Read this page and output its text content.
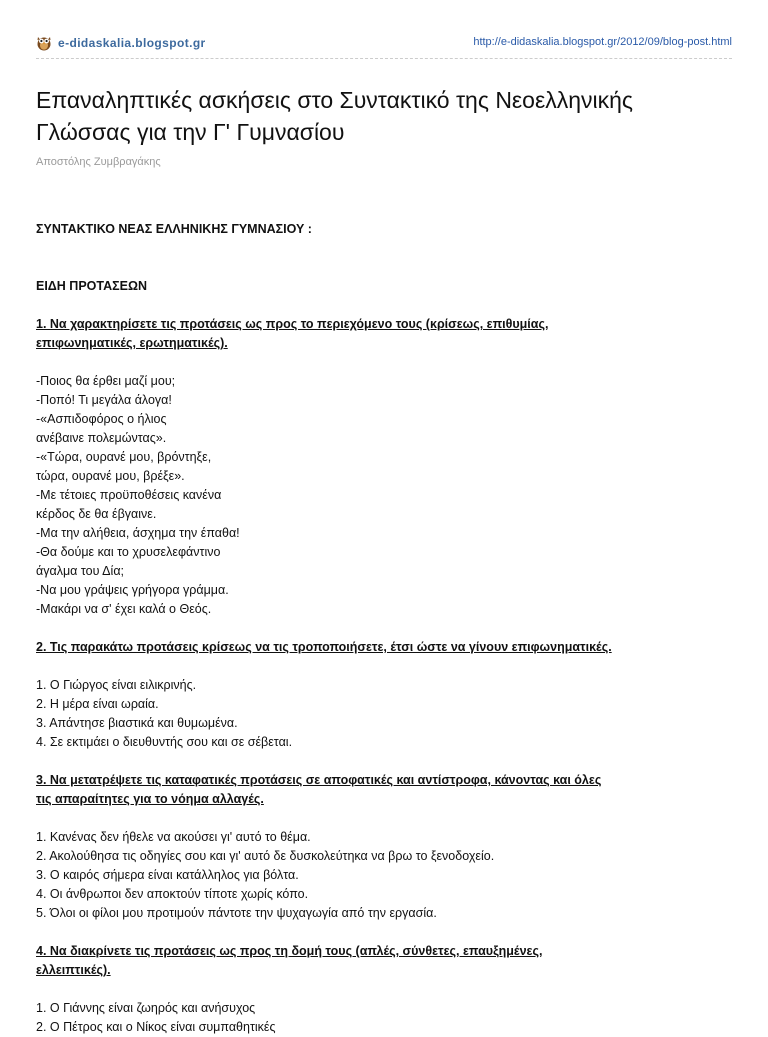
e-didaskalia.blogspot.gr	http://e-didaskalia.blogspot.gr/2012/09/blog-post.html
Επαναληπτικές ασκήσεις στο Συντακτικό της Νεοελληνικής
Γλώσσας για την Γ' Γυμνασίου
Αποστόλης Ζυμβραγάκης
ΣΥΝΤΑΚΤΙΚΟ ΝΕΑΣ ΕΛΛΗΝΙΚΗΣ ΓΥΜΝΑΣΙΟΥ :
ΕΙΔΗ ΠΡΟΤΑΣΕΩΝ
1. Να χαρακτηρίσετε τις προτάσεις ως προς το περιεχόμενο τους (κρίσεως, επιθυμίας,
επιφωνηματικές, ερωτηματικές).
-Ποιος θα έρθει μαζί μου;
-Ποπό! Τι μεγάλα άλογα!
-«Ασπιδοφόρος ο ήλιος
ανέβαινε πολεμώντας».
-«Τώρα, ουρανέ μου, βρόντηξε,
τώρα, ουρανέ μου, βρέξε».
-Με τέτοιες προϋποθέσεις κανένα
κέρδος δε θα έβγαινε.
-Μα την αλήθεια, άσχημα την έπαθα!
-Θα δούμε και το χρυσελεφάντινο
άγαλμα του Δία;
-Να μου γράψεις γρήγορα γράμμα.
-Μακάρι να σ' έχει καλά ο Θεός.
2. Τις παρακάτω προτάσεις κρίσεως να τις τροποποιήσετε, έτσι ώστε να γίνουν επιφωνηματικές.
1. Ο Γιώργος είναι ειλικρινής.
2. Η μέρα είναι ωραία.
3. Απάντησε βιαστικά και θυμωμένα.
4. Σε εκτιμάει ο διευθυντής σου και σε σέβεται.
3. Να μετατρέψετε τις καταφατικές προτάσεις σε αποφατικές και αντίστροφα, κάνοντας και όλες
τις απαραίτητες για το νόημα αλλαγές.
1. Κανένας δεν ήθελε να ακούσει γι' αυτό το θέμα.
2. Ακολούθησα τις οδηγίες σου και γι' αυτό δε δυσκολεύτηκα να βρω το ξενοδοχείο.
3. Ο καιρός σήμερα είναι κατάλληλος για βόλτα.
4. Οι άνθρωποι δεν αποκτούν τίποτε χωρίς κόπο.
5. Όλοι οι φίλοι μου προτιμούν πάντοτε την ψυχαγωγία από την εργασία.
4. Να διακρίνετε τις προτάσεις ως προς τη δομή τους (απλές, σύνθετες, επαυξημένες,
ελλειπτικές).
1. Ο Γιάννης είναι ζωηρός και ανήσυχος
2. Ο Πέτρος και ο Νίκος είναι συμπαθητικές
